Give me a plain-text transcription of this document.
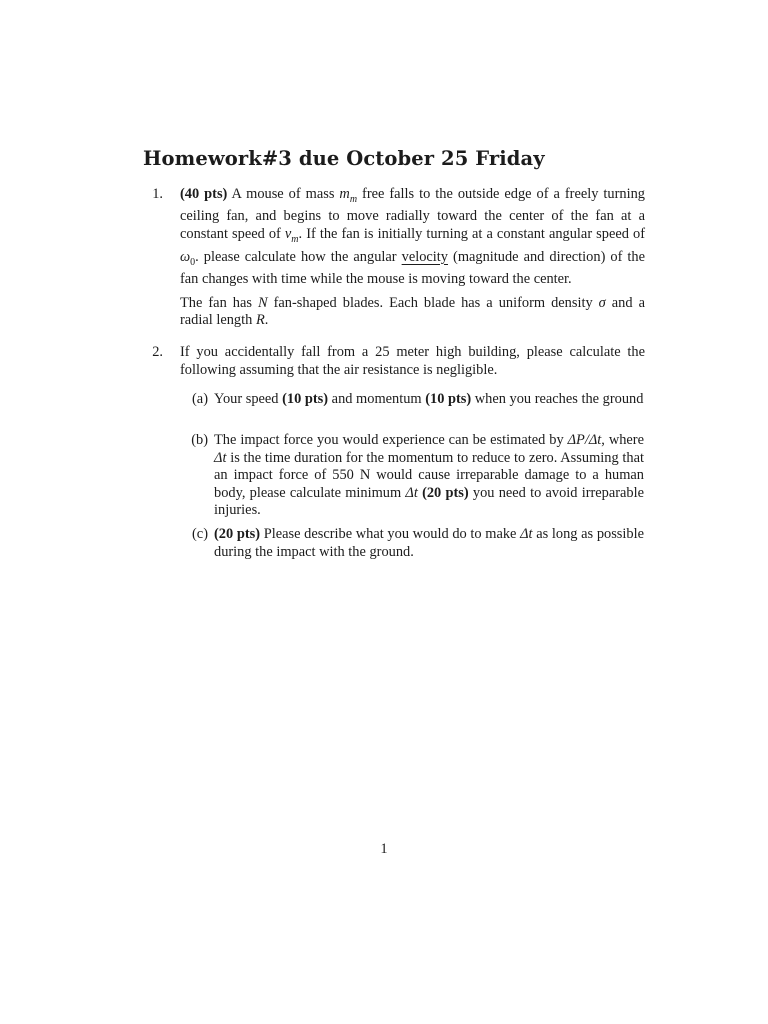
Homework#3 due October 25 Friday
1. (40 pts) A mouse of mass $m_m$ free falls to the outside edge of a freely turning ceiling fan, and begins to move radially toward the center of the fan at a constant speed of $v_m$. If the fan is initially turning at a constant angular speed of $\omega_0$. please calculate how the angular velocity (magnitude and direction) of the fan changes with time while the mouse is moving toward the center.

The fan has N fan-shaped blades. Each blade has a uniform density σ and a radial length R.

2. If you accidentally fall from a 25 meter high building, please calculate the following assuming that the air resistance is negligible.

(a) Your speed (10 pts) and momentum (10 pts) when you reaches the ground
(b) The impact force you would experience can be estimated by ΔP/Δt, where Δt is the time duration for the momentum to reduce to zero. Assuming that an impact force of 550 N would cause irreparable damage to a human body, please calculate minimum Δt (20 pts) you need to avoid irreparable injuries.
(c) (20 pts) Please describe what you would do to make Δt as long as possible during the impact with the ground.
1
